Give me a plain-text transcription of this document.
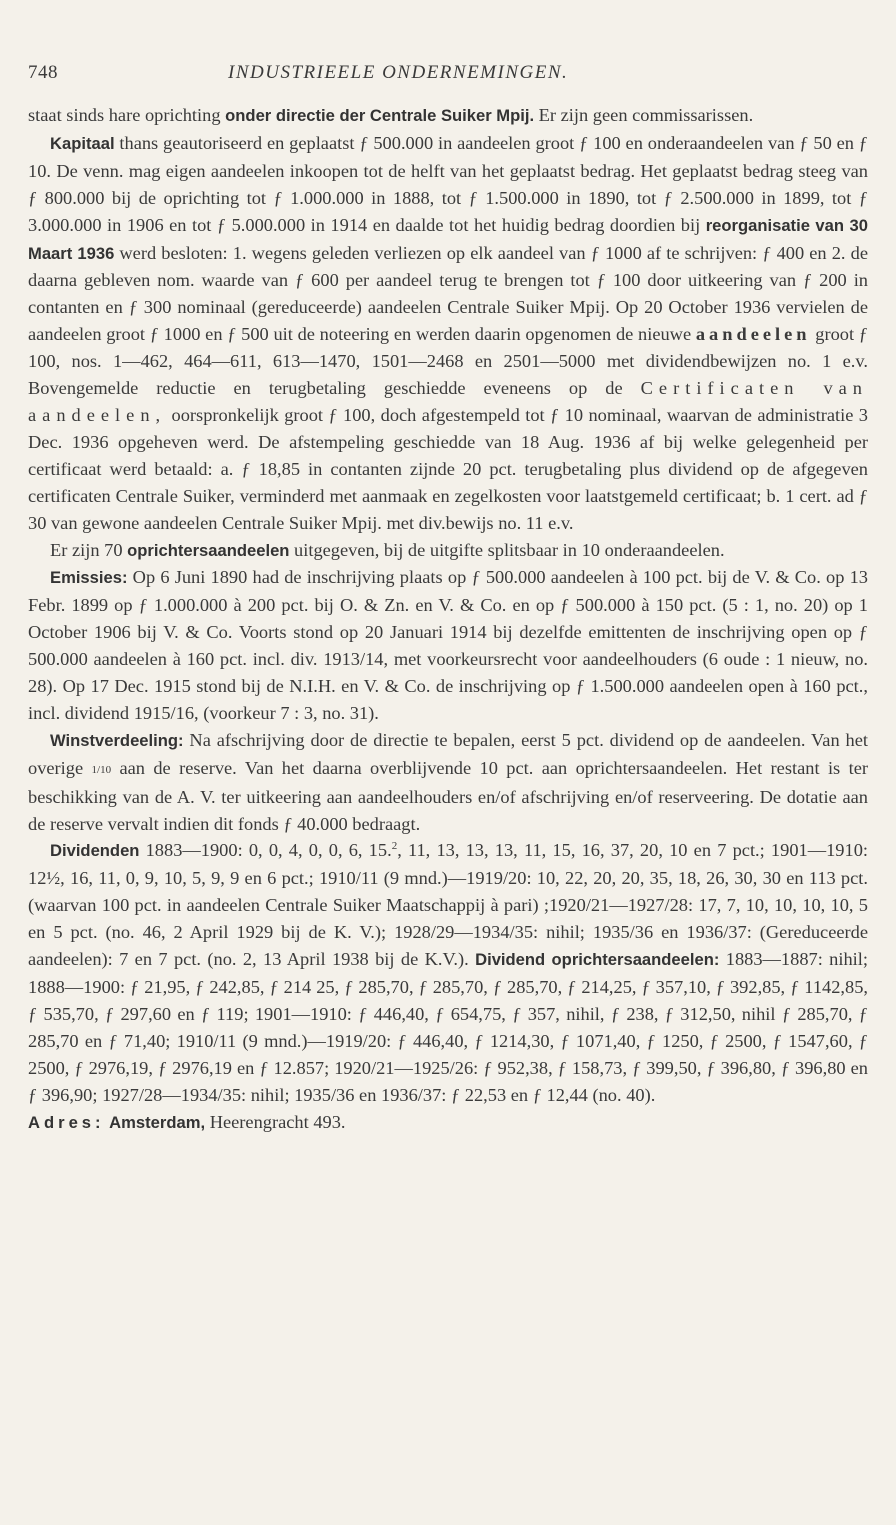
748	INDUSTRIEELE ONDERNEMINGEN.

staat sinds hare oprichting onder directie der Centrale Suiker Mpij. Er zijn geen commissarissen.

Kapitaal thans geautoriseerd en geplaatst ƒ 500.000 in aandeelen groot ƒ 100 en onderaandeelen van ƒ 50 en ƒ 10. De venn. mag eigen aandeelen inkoopen tot de helft van het geplaatst bedrag. Het geplaatst bedrag steeg van ƒ 800.000 bij de oprichting tot ƒ 1.000.000 in 1888, tot ƒ 1.500.000 in 1890, tot ƒ 2.500.000 in 1899, tot ƒ 3.000.000 in 1906 en tot ƒ 5.000.000 in 1914 en daalde tot het huidig bedrag doordien bij reorganisatie van 30 Maart 1936 werd besloten: 1. wegens geleden verliezen op elk aandeel van ƒ 1000 af te schrijven: ƒ 400 en 2. de daarna gebleven nom. waarde van ƒ 600 per aandeel terug te brengen tot ƒ 100 door uitkeering van ƒ 200 in contanten en ƒ 300 nominaal (gereduceerde) aandeelen Centrale Suiker Mpij. Op 20 October 1936 vervielen de aandeelen groot ƒ 1000 en ƒ 500 uit de noteering en werden daarin opgenomen de nieuwe aandeelen groot ƒ 100, nos. 1—462, 464—611, 613—1470, 1501—2468 en 2501—5000 met dividendbewijzen no. 1 e.v. Bovengemelde reductie en terugbetaling geschiedde eveneens op de Certificaten van aandeelen, oorspronkelijk groot ƒ 100, doch afgestempeld tot ƒ 10 nominaal, waarvan de administratie 3 Dec. 1936 opgeheven werd. De afstempeling geschiedde van 18 Aug. 1936 af bij welke gelegenheid per certificaat werd betaald: a. ƒ 18,85 in contanten zijnde 20 pct. terugbetaling plus dividend op de afgegeven certificaten Centrale Suiker, verminderd met aanmaak en zegelkosten voor laatstgemeld certificaat; b. 1 cert. ad ƒ 30 van gewone aandeelen Centrale Suiker Mpij. met div.bewijs no. 11 e.v.

Er zijn 70 oprichtersaandeelen uitgegeven, bij de uitgifte splitsbaar in 10 onderaandeelen.

Emissies: Op 6 Juni 1890 had de inschrijving plaats op ƒ 500.000 aandeelen à 100 pct. bij de V. & Co. op 13 Febr. 1899 op ƒ 1.000.000 à 200 pct. bij O. & Zn. en V. & Co. en op ƒ 500.000 à 150 pct. (5 : 1, no. 20) op 1 October 1906 bij V. & Co. Voorts stond op 20 Januari 1914 bij dezelfde emittenten de inschrijving open op ƒ 500.000 aandeelen à 160 pct. incl. div. 1913/14, met voorkeursrecht voor aandeelhouders (6 oude : 1 nieuw, no. 28). Op 17 Dec. 1915 stond bij de N.I.H. en V. & Co. de inschrijving op ƒ 1.500.000 aandeelen open à 160 pct., incl. dividend 1915/16, (voorkeur 7 : 3, no. 31).

Winstverdeeling: Na afschrijving door de directie te bepalen, eerst 5 pct. dividend op de aandeelen. Van het overige 1/10 aan de reserve. Van het daarna overblijvende 10 pct. aan oprichtersaandeelen. Het restant is ter beschikking van de A. V. ter uitkeering aan aandeelhouders en/of afschrijving en/of reserveering. De dotatie aan de reserve vervalt indien dit fonds ƒ 40.000 bedraagt.

Dividenden 1883—1900: 0, 0, 4, 0, 0, 6, 15.$^2$, 11, 13, 13, 13, 11, 15, 16, 37, 20, 10 en 7 pct.; 1901—1910: 12½, 16, 11, 0, 9, 10, 5, 9, 9 en 6 pct.; 1910/11 (9 mnd.)—1919/20: 10, 22, 20, 20, 35, 18, 26, 30, 30 en 113 pct. (waarvan 100 pct. in aandeelen Centrale Suiker Maatschappij à pari) ;1920/21—1927/28: 17, 7, 10, 10, 10, 10, 5 en 5 pct. (no. 46, 2 April 1929 bij de K. V.); 1928/29—1934/35: nihil; 1935/36 en 1936/37: (Gereduceerde aandeelen): 7 en 7 pct. (no. 2, 13 April 1938 bij de K.V.). Dividend oprichtersaandeelen: 1883—1887: nihil; 1888—1900: ƒ 21,95, ƒ 242,85, ƒ 214 25, ƒ 285,70, ƒ 285,70, ƒ 285,70, ƒ 214,25, ƒ 357,10, ƒ 392,85, ƒ 1142,85, ƒ 535,70, ƒ 297,60 en ƒ 119; 1901—1910: ƒ 446,40, ƒ 654,75, ƒ 357, nihil, ƒ 238, ƒ 312,50, nihil ƒ 285,70, ƒ 285,70 en ƒ 71,40; 1910/11 (9 mnd.)—1919/20: ƒ 446,40, ƒ 1214,30, ƒ 1071,40, ƒ 1250, ƒ 2500, ƒ 1547,60, ƒ 2500, ƒ 2976,19, ƒ 2976,19 en ƒ 12.857; 1920/21—1925/26: ƒ 952,38, ƒ 158,73, ƒ 399,50, ƒ 396,80, ƒ 396,80 en ƒ 396,90; 1927/28—1934/35: nihil; 1935/36 en 1936/37: ƒ 22,53 en ƒ 12,44 (no. 40).

Adres: Amsterdam, Heerengracht 493.
